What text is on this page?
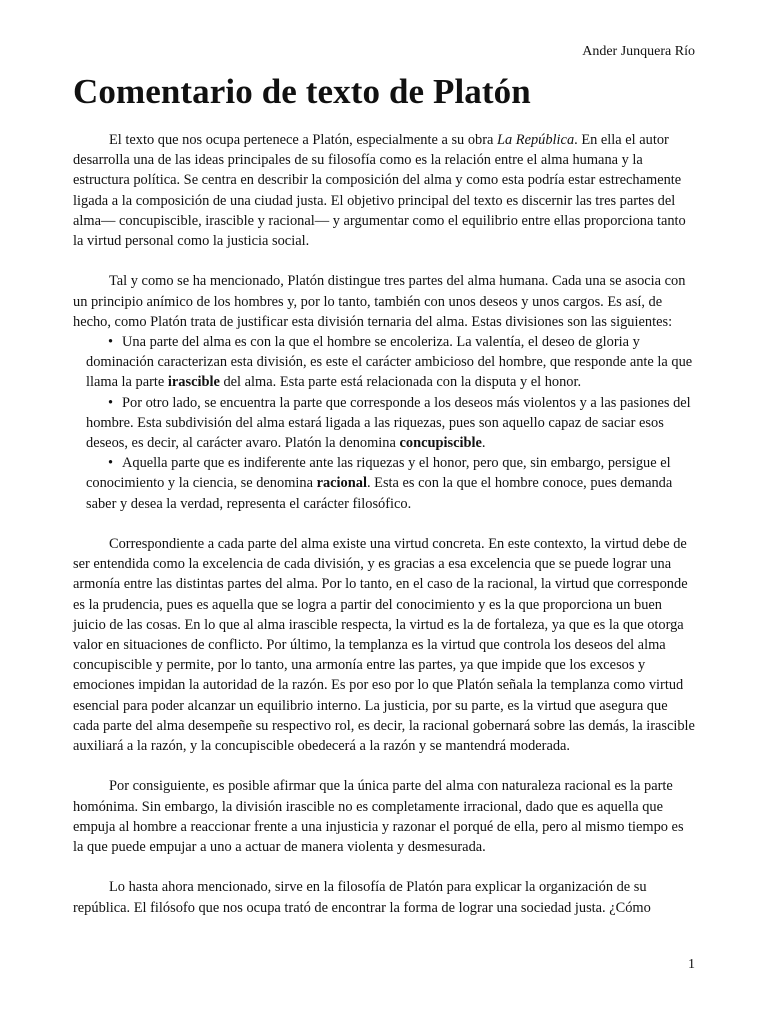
Ander Junquera Río

Comentario de texto de Platón

El texto que nos ocupa pertenece a Platón, especialmente a su obra La República. En ella el autor desarrolla una de las ideas principales de su filosofía como es la relación entre el alma humana y la estructura política. Se centra en describir la composición del alma y como esta podría estar estrechamente ligada a la composición de una ciudad justa. El objetivo principal del texto es discernir las tres partes del alma— concupiscible, irascible y racional— y argumentar como el equilibrio entre ellas proporciona tanto la virtud personal como la justicia social.

Tal y como se ha mencionado, Platón distingue tres partes del alma humana. Cada una se asocia con un principio anímico de los hombres y, por lo tanto, también con unos deseos y unos cargos. Es así, de hecho, como Platón trata de justificar esta división ternaria del alma. Estas divisiones son las siguientes:

• Una parte del alma es con la que el hombre se encoleriza. La valentía, el deseo de gloria y dominación caracterizan esta división, es este el carácter ambicioso del hombre, que responde ante la que llama la parte irascible del alma. Esta parte está relacionada con la disputa y el honor.
• Por otro lado, se encuentra la parte que corresponde a los deseos más violentos y a las pasiones del hombre. Esta subdivisión del alma estará ligada a las riquezas, pues son aquello capaz de saciar esos deseos, es decir, al carácter avaro. Platón la denomina concupiscible.
• Aquella parte que es indiferente ante las riquezas y el honor, pero que, sin embargo, persigue el conocimiento y la ciencia, se denomina racional. Esta es con la que el hombre conoce, pues demanda saber y desea la verdad, representa el carácter filosófico.

Correspondiente a cada parte del alma existe una virtud concreta. En este contexto, la virtud debe de ser entendida como la excelencia de cada división, y es gracias a esa excelencia que se puede lograr una armonía entre las distintas partes del alma. Por lo tanto, en el caso de la racional, la virtud que corresponde es la prudencia, pues es aquella que se logra a partir del conocimiento y es la que proporciona un buen juicio de las cosas. En lo que al alma irascible respecta, la virtud es la de fortaleza, ya que es la que otorga valor en situaciones de conflicto. Por último, la templanza es la virtud que controla los deseos del alma concupiscible y permite, por lo tanto, una armonía entre las partes, ya que impide que los excesos y emociones impidan la autoridad de la razón. Es por eso por lo que Platón señala la templanza como virtud esencial para poder alcanzar un equilibrio interno. La justicia, por su parte, es la virtud que asegura que cada parte del alma desempeñe su respectivo rol, es decir, la racional gobernará sobre las demás, la irascible auxiliará a la razón, y la concupiscible obedecerá a la razón y se mantendrá moderada.

Por consiguiente, es posible afirmar que la única parte del alma con naturaleza racional es la parte homónima. Sin embargo, la división irascible no es completamente irracional, dado que es aquella que empuja al hombre a reaccionar frente a una injusticia y razonar el porqué de ella, pero al mismo tiempo es la que puede empujar a uno a actuar de manera violenta y desmesurada.

Lo hasta ahora mencionado, sirve en la filosofía de Platón para explicar la organización de su república. El filósofo que nos ocupa trató de encontrar la forma de lograr una sociedad justa. ¿Cómo

1
